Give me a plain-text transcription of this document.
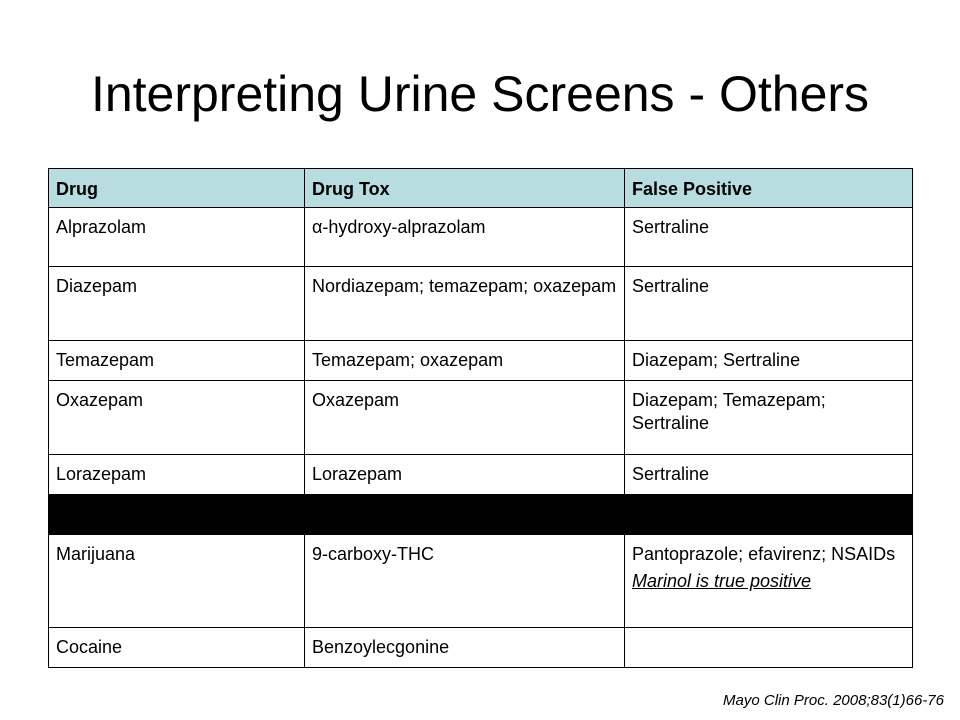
Interpreting Urine Screens - Others
Drug	Drug Tox	False Positive
Alprazolam	α-hydroxy-alprazolam	Sertraline
Diazepam	Nordiazepam; temazepam; oxazepam	Sertraline
Temazepam	Temazepam; oxazepam	Diazepam; Sertraline
Oxazepam	Oxazepam	Diazepam; Temazepam; Sertraline
Lorazepam	Lorazepam	Sertraline

Marijuana	9-carboxy-THC	Pantoprazole; efavirenz; NSAIDs
Marinol is true positive

Cocaine	Benzoylecgonine	
Mayo Clin Proc. 2008;83(1)66-76
